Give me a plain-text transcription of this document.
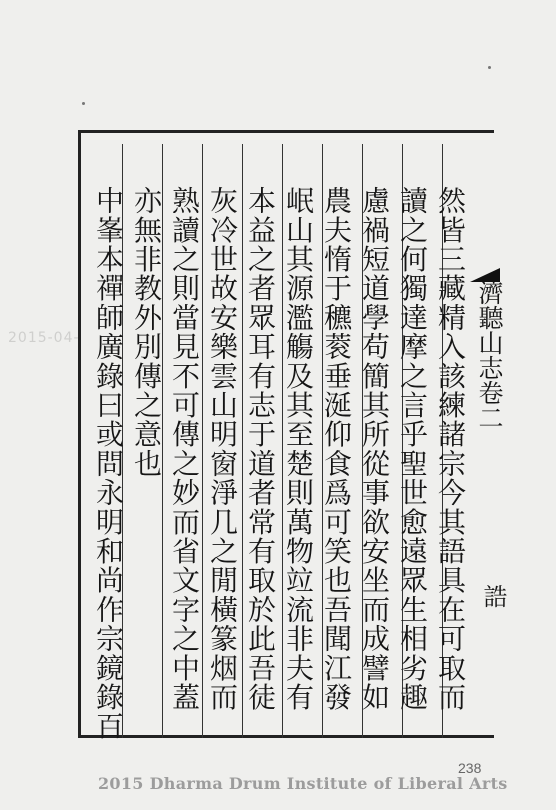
然皆三藏精入該練諸宗今其語具在可取而
讀之何獨達摩之言乎聖世愈遠眾生相劣趣
慮禍短道學苟簡其所從事欲安坐而成譬如
農夫惰于穮蓘垂涎仰食爲可笑也吾聞江發
岷山其源濫觴及其至楚則萬物竝流非夫有
本益之者眾耳有志于道者常有取於此吾徒
灰冷世故安樂雲山明窗淨几之閒橫篆烟而
熟讀之則當見不可傳之妙而省文字之中蓋
亦無非教外別傳之意也
中峯本禪師廣錄曰或問永明和尚作宗鏡錄百	濟聽山志卷二
誥
2015-04-
238
2015 Dharma Drum Institute of Liberal Arts
